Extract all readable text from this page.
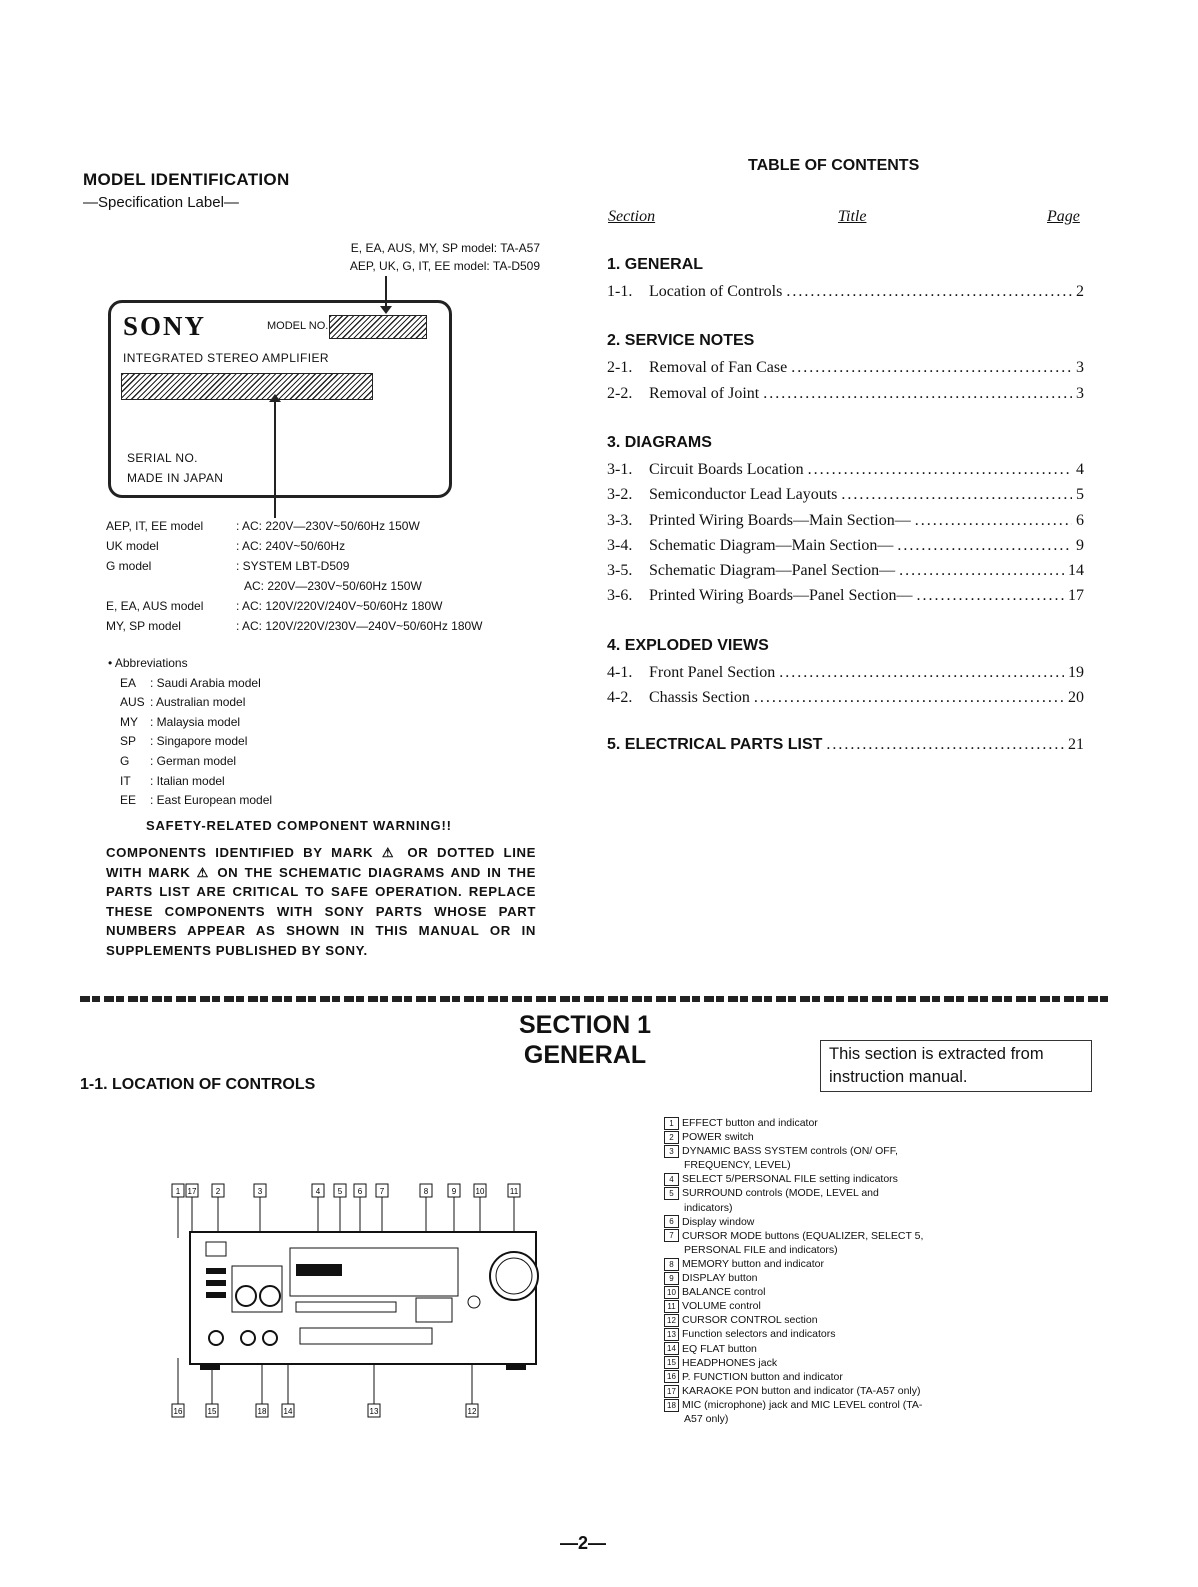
MODEL IDENTIFICATION
—Specification Label—
E, EA, AUS, MY, SP model: TA-A57
AEP, UK, G, IT, EE model: TA-D509
SONY	MODEL NO.
INTEGRATED STEREO AMPLIFIER
SERIAL NO.
MADE IN JAPAN
AEP, IT, EE model	: AC: 220V—230V~50/60Hz 150W
UK model	: AC: 240V~50/60Hz
G model	: SYSTEM LBT-D509
AC: 220V—230V~50/60Hz 150W
E, EA, AUS model	: AC: 120V/220V/240V~50/60Hz 180W
MY, SP model	: AC: 120V/220V/230V—240V~50/60Hz 180W
• Abbreviations
EA	: Saudi Arabia model
AUS : Australian model
MY	: Malaysia model
SP	: Singapore model
G	: German model
IT	: Italian model
EE	: East European model
SAFETY-RELATED COMPONENT WARNING!!
COMPONENTS IDENTIFIED BY MARK ⚠ OR DOTTED LINE WITH MARK ⚠ ON THE SCHEMATIC DIAGRAMS AND IN THE PARTS LIST ARE CRITICAL TO SAFE OPERATION. REPLACE THESE COMPONENTS WITH SONY PARTS WHOSE PART NUMBERS APPEAR AS SHOWN IN THIS MANUAL OR IN SUPPLEMENTS PUBLISHED BY SONY.
TABLE OF CONTENTS
Section	Title	Page
1. GENERAL
1-1.	Location of Controls .....	2
2. SERVICE NOTES
2-1.	Removal of Fan Case .....	3
2-2.	Removal of Joint .....	3
3. DIAGRAMS
3-1.	Circuit Boards Location .....	4
3-2.	Semiconductor Lead Layouts .....	5
3-3.	Printed Wiring Boards—Main Section— .....	6
3-4.	Schematic Diagram—Main Section— .....	9
3-5.	Schematic Diagram—Panel Section— .....	14
3-6.	Printed Wiring Boards—Panel Section— .....	17
4. EXPLODED VIEWS
4-1.	Front Panel Section .....	19
4-2.	Chassis Section .....	20
5. ELECTRICAL PARTS LIST .....	21
SECTION 1
GENERAL	This section is extracted from instruction manual.
1-1. LOCATION OF CONTROLS
1 17 2	3	4 5 6 7	8	9 10	11
16	15	18 14	13	12
1 EFFECT button and indicator
2 POWER switch
3 DYNAMIC BASS SYSTEM controls (ON/ OFF, FREQUENCY, LEVEL)
4 SELECT 5/PERSONAL FILE setting indicators
5 SURROUND controls (MODE, LEVEL and indicators)
6 Display window
7 CURSOR MODE buttons (EQUALIZER, SELECT 5, PERSONAL FILE and indicators)
8 MEMORY button and indicator
9 DISPLAY button
10 BALANCE control
11 VOLUME control
12 CURSOR CONTROL section
13 Function selectors and indicators
14 EQ FLAT button
15 HEADPHONES jack
16 P. FUNCTION button and indicator
17 KARAOKE PON button and indicator (TA-A57 only)
18 MIC (microphone) jack and MIC LEVEL control (TA-A57 only)
—2—
